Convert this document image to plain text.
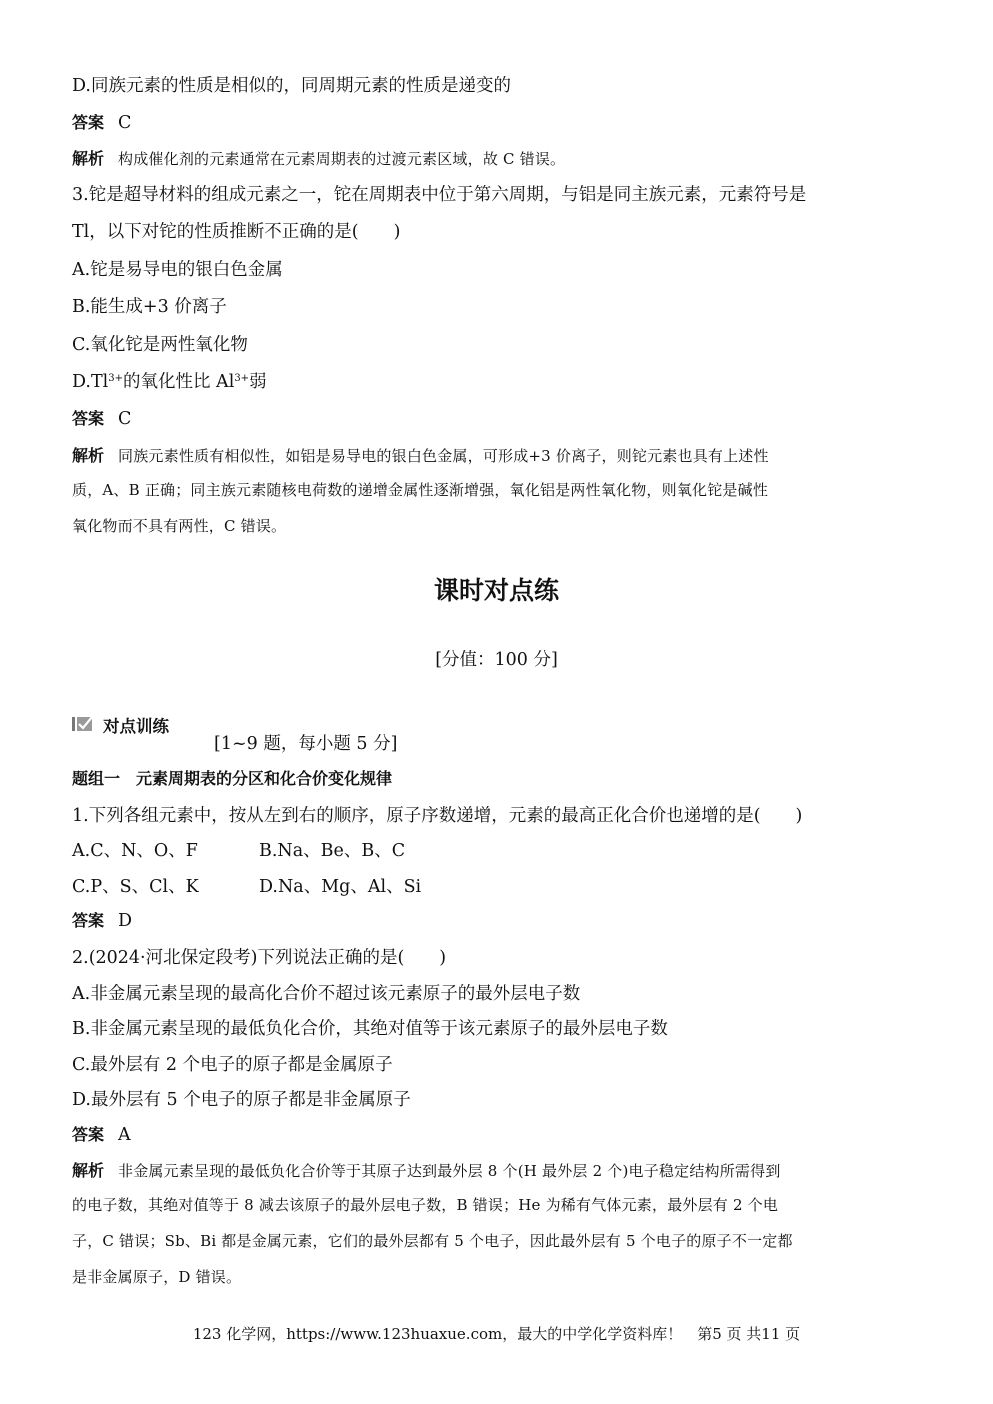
D.同族元素的性质是相似的，同周期元素的性质是递变的
答案 C
解析 构成催化剂的元素通常在元素周期表的过渡元素区域，故 C 错误。
3.铊是超导材料的组成元素之一，铊在周期表中位于第六周期，与铝是同主族元素，元素符号是
Tl，以下对铊的性质推断不正确的是(　　)
A.铊是易导电的银白色金属
B.能生成+3 价离子
C.氧化铊是两性氧化物
$D.Tl^{3+}$的氧化性比 $Al^{3+}$弱
答案 C
解析 同族元素性质有相似性，如铝是易导电的银白色金属，可形成+3 价离子，则铊元素也具有上述性
质，A、B 正确；同主族元素随核电荷数的递增金属性逐渐增强，氧化铝是两性氧化物，则氧化铊是碱性
氧化物而不具有两性，C 错误。
课时对点练
[分值：100 分]
对点训练
[1~9 题，每小题 5 分]
题组一　元素周期表的分区和化合价变化规律
1.下列各组元素中，按从左到右的顺序，原子序数递增，元素的最高正化合价也递增的是(　　)
A.C、N、O、F	B.Na、Be、B、C
C.P、S、Cl、K	D.Na、Mg、Al、Si
答案 D
2.(2024·河北保定段考)下列说法正确的是(　　)
A.非金属元素呈现的最高化合价不超过该元素原子的最外层电子数
B.非金属元素呈现的最低负化合价，其绝对值等于该元素原子的最外层电子数
C.最外层有 2 个电子的原子都是金属原子
D.最外层有 5 个电子的原子都是非金属原子
答案 A
解析 非金属元素呈现的最低负化合价等于其原子达到最外层 8 个(H 最外层 2 个)电子稳定结构所需得到
的电子数，其绝对值等于 8 减去该原子的最外层电子数，B 错误；He 为稀有气体元素，最外层有 2 个电
子，C 错误；Sb、Bi 都是金属元素，它们的最外层都有 5 个电子，因此最外层有 5 个电子的原子不一定都
是非金属原子，D 错误。
123 化学网，https://www.123huaxue.com，最大的中学化学资料库！　第5 页 共11 页
